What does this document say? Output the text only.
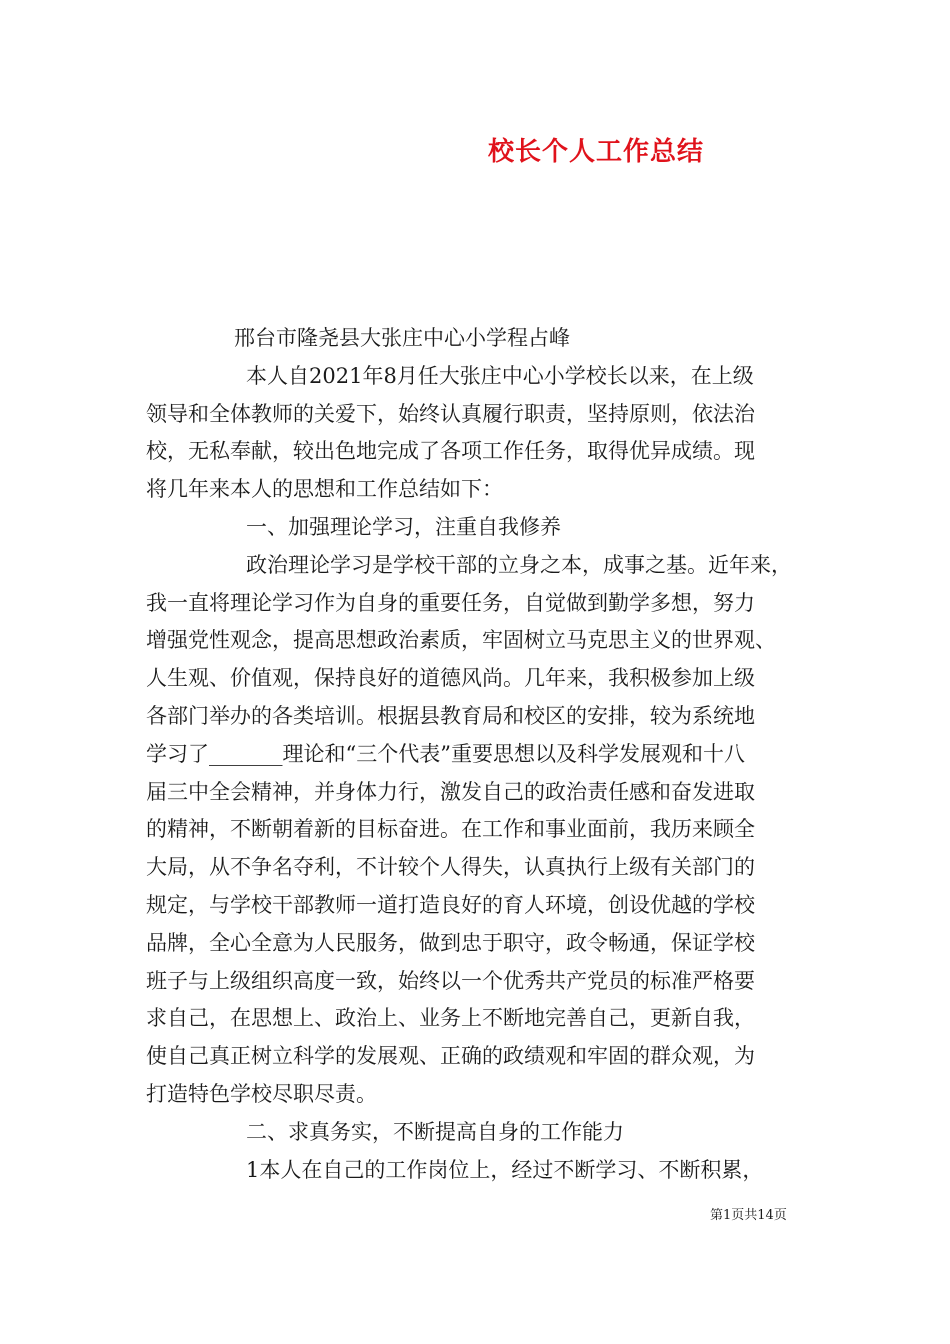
校长个人工作总结
邢台市隆尧县大张庄中心小学程占峰
本人自2021年8月任大张庄中心小学校长以来，在上级
领导和全体教师的关爱下，始终认真履行职责，坚持原则，依法治
校，无私奉献，较出色地完成了各项工作任务，取得优异成绩。现
将几年来本人的思想和工作总结如下：
一、加强理论学习，注重自我修养
政治理论学习是学校干部的立身之本，成事之基。近年来，
我一直将理论学习作为自身的重要任务，自觉做到勤学多想，努力
增强党性观念，提高思想政治素质，牢固树立马克思主义的世界观、
人生观、价值观，保持良好的道德风尚。几年来，我积极参加上级
各部门举办的各类培训。根据县教育局和校区的安排，较为系统地
学习了_______理论和“三个代表”重要思想以及科学发展观和十八
届三中全会精神，并身体力行，激发自己的政治责任感和奋发进取
的精神，不断朝着新的目标奋进。在工作和事业面前，我历来顾全
大局，从不争名夺利，不计较个人得失，认真执行上级有关部门的
规定，与学校干部教师一道打造良好的育人环境，创设优越的学校
品牌，全心全意为人民服务，做到忠于职守，政令畅通，保证学校
班子与上级组织高度一致，始终以一个优秀共产党员的标准严格要
求自己，在思想上、政治上、业务上不断地完善自己，更新自我，
使自己真正树立科学的发展观、正确的政绩观和牢固的群众观，为
打造特色学校尽职尽责。
二、求真务实，不断提高自身的工作能力
1本人在自己的工作岗位上，经过不断学习、不断积累，
第1页共14页
